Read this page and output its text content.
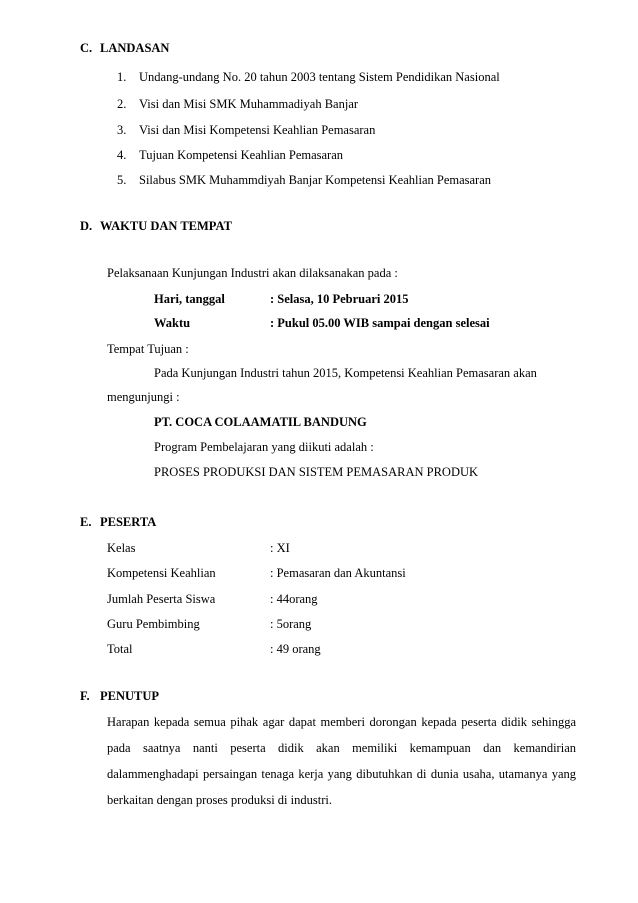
C. LANDASAN
1. Undang-undang No. 20 tahun 2003 tentang Sistem Pendidikan Nasional
2. Visi dan Misi SMK Muhammadiyah Banjar
3. Visi dan Misi Kompetensi Keahlian Pemasaran
4. Tujuan Kompetensi Keahlian Pemasaran
5. Silabus SMK Muhammdiyah Banjar Kompetensi Keahlian Pemasaran
D. WAKTU DAN TEMPAT
Pelaksanaan Kunjungan Industri akan dilaksanakan pada :
Hari, tanggal	: Selasa, 10 Pebruari 2015
Waktu	: Pukul 05.00 WIB sampai dengan selesai
Tempat Tujuan :
Pada Kunjungan Industri tahun 2015, Kompetensi Keahlian Pemasaran akan
mengunjungi :
PT. COCA COLAAMATIL BANDUNG
Program Pembelajaran yang diikuti adalah :
PROSES PRODUKSI DAN SISTEM PEMASARAN PRODUK
E. PESERTA
Kelas	: XI
Kompetensi Keahlian	: Pemasaran dan Akuntansi
Jumlah Peserta Siswa	: 44orang
Guru Pembimbing	: 5orang
Total	: 49 orang
F. PENUTUP
Harapan kepada semua pihak agar dapat memberi dorongan kepada peserta didik sehingga
pada saatnya nanti peserta didik akan memiliki kemampuan dan kemandirian
dalammenghadapi persaingan tenaga kerja yang dibutuhkan di dunia usaha, utamanya yang
berkaitan dengan proses produksi di industri.
